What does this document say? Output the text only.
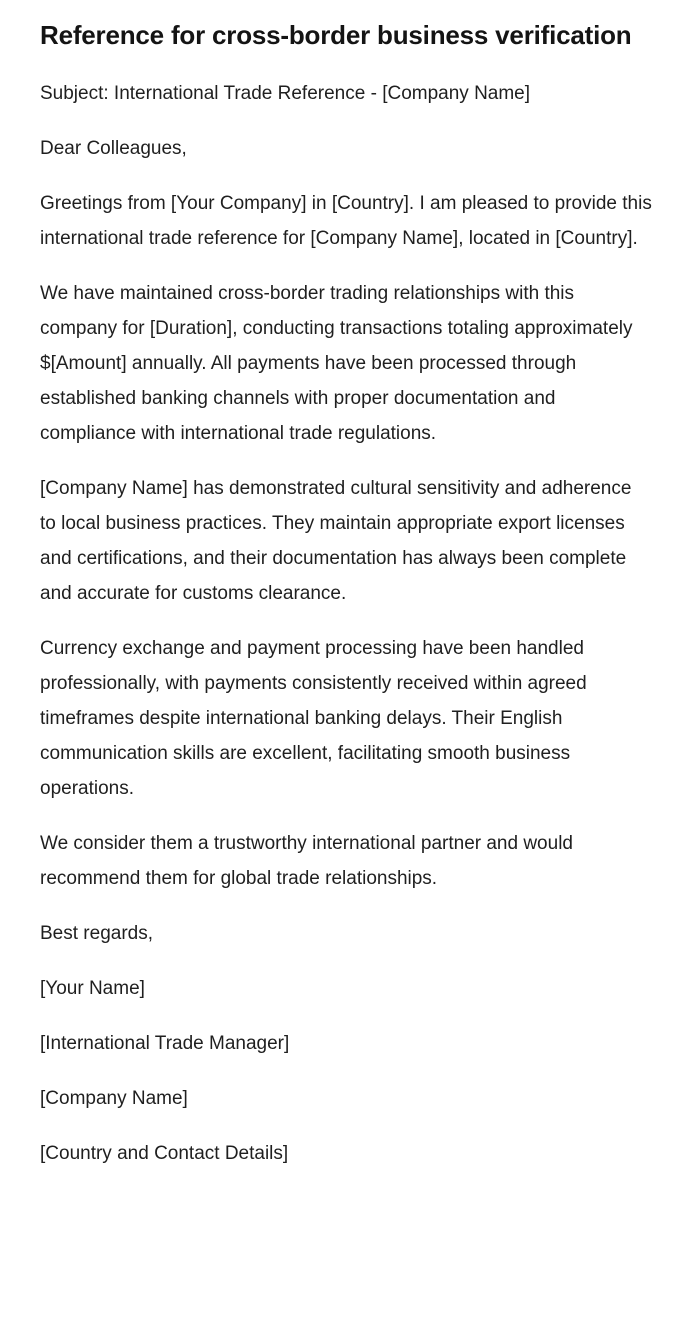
Reference for cross-border business verification

Subject: International Trade Reference - [Company Name]

Dear Colleagues,

Greetings from [Your Company] in [Country]. I am pleased to provide this international trade reference for [Company Name], located in [Country].

We have maintained cross-border trading relationships with this company for [Duration], conducting transactions totaling approximately $[Amount] annually. All payments have been processed through established banking channels with proper documentation and compliance with international trade regulations.

[Company Name] has demonstrated cultural sensitivity and adherence to local business practices. They maintain appropriate export licenses and certifications, and their documentation has always been complete and accurate for customs clearance.

Currency exchange and payment processing have been handled professionally, with payments consistently received within agreed timeframes despite international banking delays. Their English communication skills are excellent, facilitating smooth business operations.

We consider them a trustworthy international partner and would recommend them for global trade relationships.

Best regards,

[Your Name]

[International Trade Manager]

[Company Name]

[Country and Contact Details]
